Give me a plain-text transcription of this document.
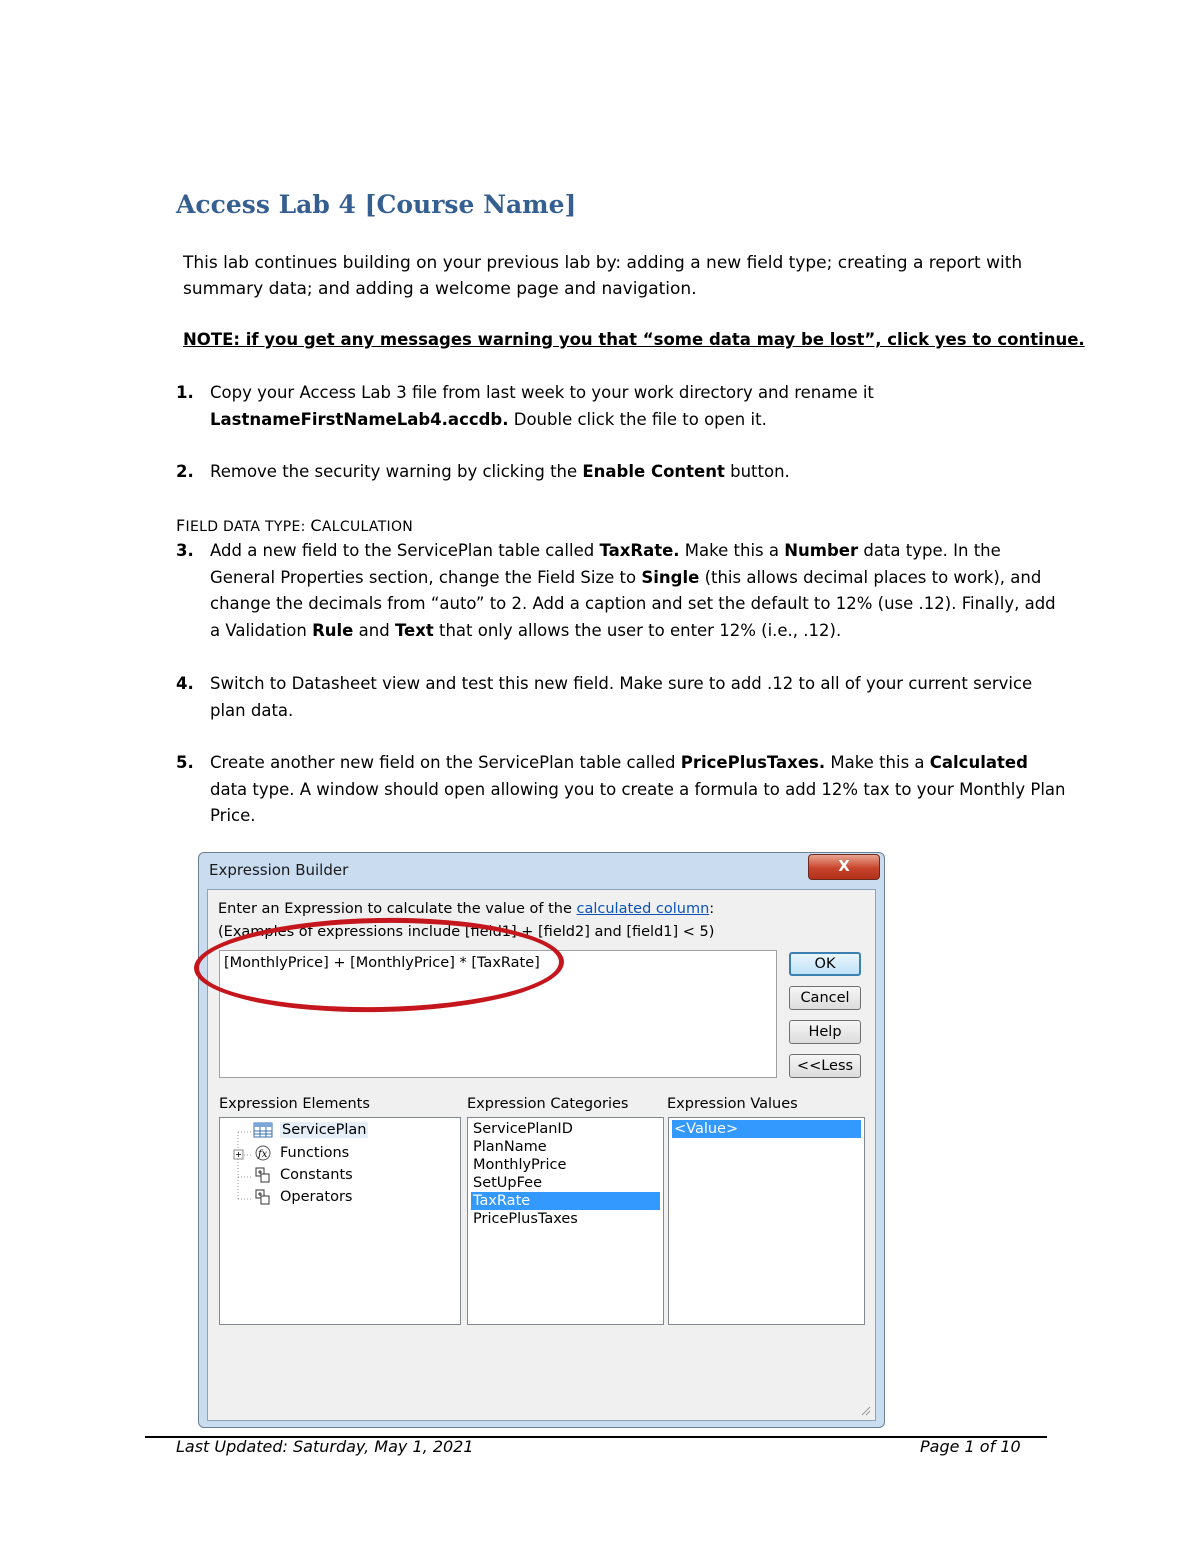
Access Lab 4 [Course Name]
This lab continues building on your previous lab by: adding a new field type; creating a report with summary data; and adding a welcome page and navigation.
NOTE: if you get any messages warning you that “some data may be lost”, click yes to continue.
1. Copy your Access Lab 3 file from last week to your work directory and rename it
LastnameFirstNameLab4.accdb. Double click the file to open it.
2. Remove the security warning by clicking the Enable Content button.
FIELD DATA TYPE: CALCULATION
3. Add a new field to the ServicePlan table called TaxRate. Make this a Number data type. In the General Properties section, change the Field Size to Single (this allows decimal places to work), and change the decimals from “auto” to 2. Add a caption and set the default to 12% (use .12). Finally, add a Validation Rule and Text that only allows the user to enter 12% (i.e., .12).
4. Switch to Datasheet view and test this new field. Make sure to add .12 to all of your current service plan data.
5. Create another new field on the ServicePlan table called PricePlusTaxes. Make this a Calculated data type. A window should open allowing you to create a formula to add 12% tax to your Monthly Plan Price.
Expression Builder	X
Enter an Expression to calculate the value of the calculated column:
(Examples of expressions include [field1] + [field2] and [field1] < 5)
[MonthlyPrice] + [MonthlyPrice] * [TaxRate]	OK
Cancel
Help
<<Less
Expression Elements	Expression Categories	Expression Values
ServicePlan
fx Functions
Constants
Operators
ServicePlanID
PlanName
MonthlyPrice
SetUpFee
TaxRate
PricePlusTaxes
<Value>
Last Updated: Saturday, May 1, 2021	Page 1 of 10
